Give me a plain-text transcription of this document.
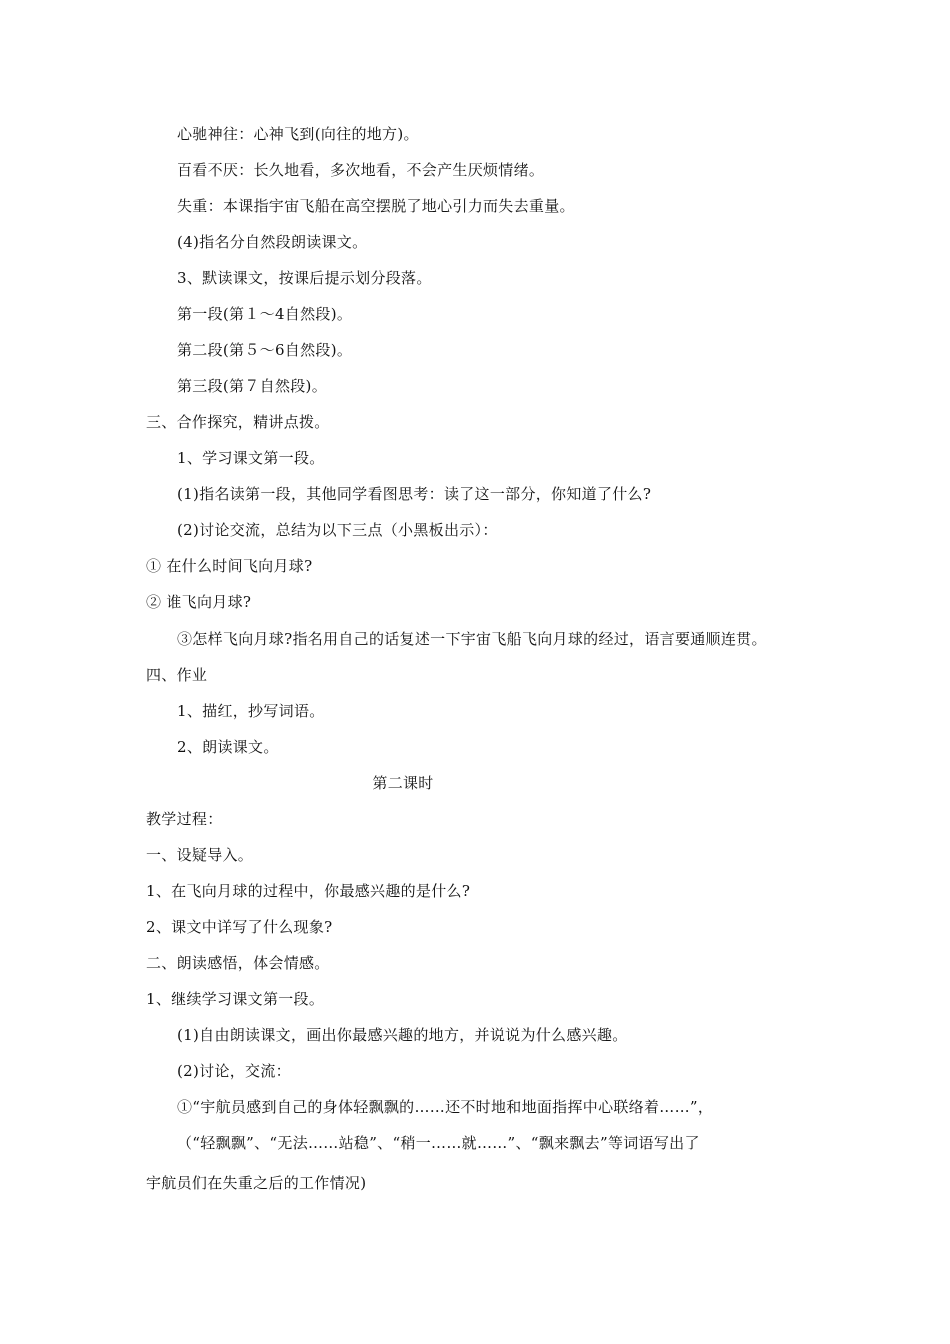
心驰神往：心神飞到(向往的地方)。
百看不厌：长久地看，多次地看，不会产生厌烦情绪。
失重：本课指宇宙飞船在高空摆脱了地心引力而失去重量。
(4)指名分自然段朗读课文。
3、默读课文，按课后提示划分段落。
第一段(第１～4自然段)。
第二段(第５～6自然段)。
第三段(第７自然段)。
三、合作探究，精讲点拨。
1、学习课文第一段。
(1)指名读第一段，其他同学看图思考：读了这一部分，你知道了什么?
(2)讨论交流，总结为以下三点（小黑板出示）：
① 在什么时间飞向月球?
② 谁飞向月球?
③怎样飞向月球?指名用自己的话复述一下宇宙飞船飞向月球的经过，语言要通顺连贯。
四、作业
1、描红，抄写词语。
2、朗读课文。
第二课时
教学过程：
一、设疑导入。
1、在飞向月球的过程中，你最感兴趣的是什么?
2、课文中详写了什么现象?
二、朗读感悟，体会情感。
1、继续学习课文第一段。
(1)自由朗读课文，画出你最感兴趣的地方，并说说为什么感兴趣。
(2)讨论，交流：
①“宇航员感到自己的身体轻飘飘的……还不时地和地面指挥中心联络着……”，
（“轻飘飘”、“无法……站稳”、“稍一……就……”、“飘来飘去”等词语写出了
宇航员们在失重之后的工作情况)
